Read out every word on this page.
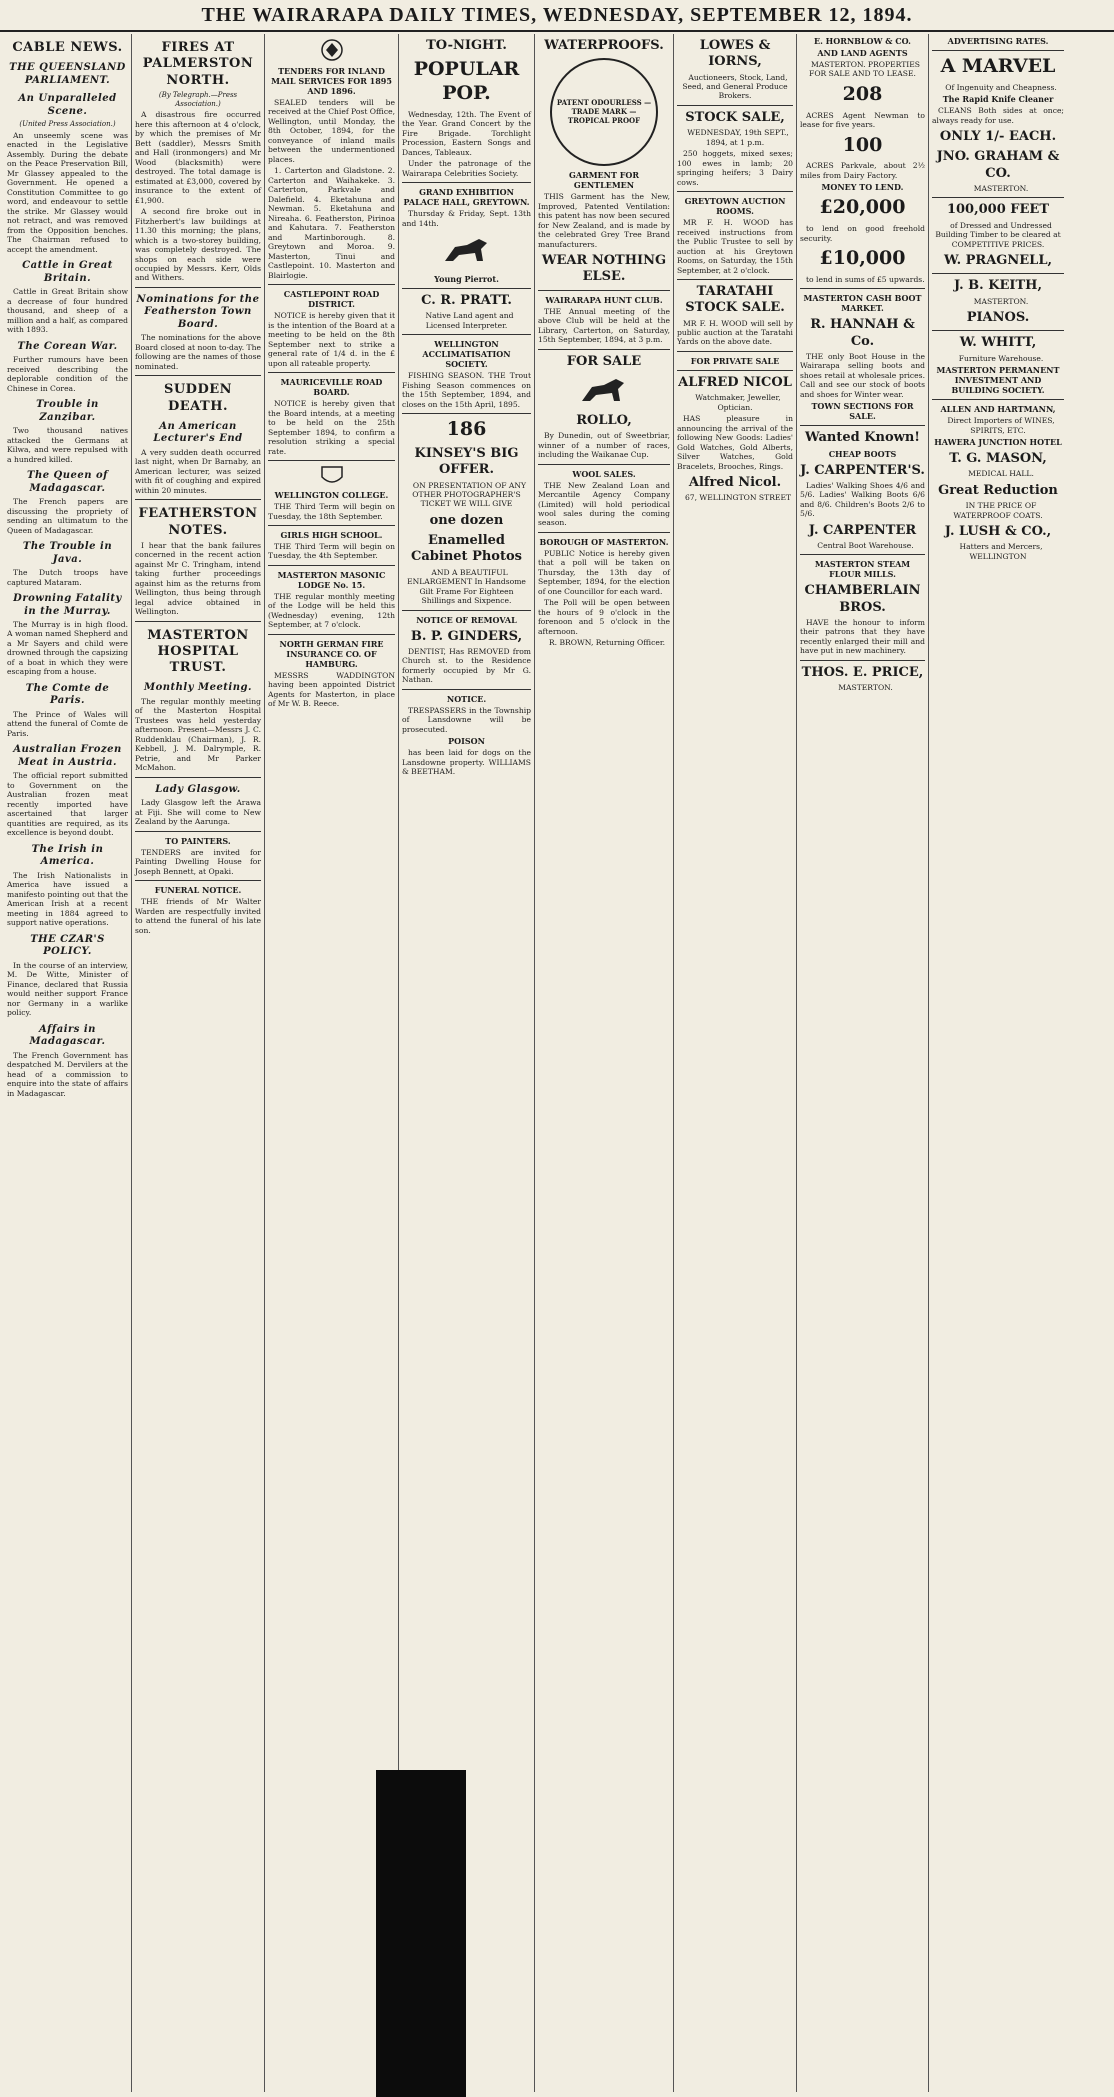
THE WAIRARAPA DAILY TIMES, WEDNESDAY, SEPTEMBER 12, 1894.
CABLE NEWS.
THE QUEENSLAND PARLIAMENT.
An Unparalleled Scene.
(United Press Association.)

An unseemly scene was enacted in the Legislative Assembly. During the debate on the Peace Preservation Bill, Mr Glassey appealed to the Government. He opened a Constitution Committee to go word, and endeavour to settle the strike. Mr Glassey would not retract, and was removed from the Opposition benches. The Chairman refused to accept the amendment.

Cattle in Great Britain.

Cattle in Great Britain show a decrease of four hundred thousand, and sheep of a million and a half, as compared with 1893.

The Corean War.

Further rumours have been received describing the deplorable condition of the Chinese in Corea.

Trouble in Zanzibar.

Two thousand natives attacked the Germans at Kilwa, and were repulsed with a hundred killed.

The Queen of Madagascar.

The French papers are discussing the propriety of sending an ultimatum to the Queen of Madagascar.

The Trouble in Java.

The Dutch troops have captured Mataram.

Drowning Fatality in the Murray.

The Murray is in high flood. A woman named Shepherd and a Mr Sayers and child were drowned through the capsizing of a boat in which they were escaping from a house.

The Comte de Paris.

The Prince of Wales will attend the funeral of Comte de Paris.

Australian Frozen Meat in Austria.

The official report submitted to Government on the Australian frozen meat recently imported have ascertained that larger quantities are required, as its excellence is beyond doubt.

The Irish in America.

The Irish Nationalists in America have issued a manifesto pointing out that the American Irish at a recent meeting in 1884 agreed to support native operations.

THE CZAR'S POLICY.

In the course of an interview, M. De Witte, Minister of Finance, declared that Russia would neither support France nor Germany in a warlike policy.

Affairs in Madagascar.

The French Government has despatched M. Dervilers at the head of a commission to enquire into the state of affairs in Madagascar.

FIRES AT PALMERSTON NORTH.
(By Telegraph.—Press Association.)

A disastrous fire occurred here this afternoon at 4 o'clock, by which the premises of Mr Bett (saddler), Messrs Smith and Hall (ironmongers) and Mr Wood (blacksmith) were destroyed. The total damage is estimated at £3,000, covered by insurance to the extent of £1,900.

A second fire broke out in Fitzherbert's law buildings at 11.30 this morning; the plans, which is a two-storey building, was completely destroyed. The shops on each side were occupied by Messrs. Kerr, Olds and Withers.

Nominations for the Featherston Town Board.

The nominations for the above Board closed at noon to-day. The following are the names of those nominated.

SUDDEN DEATH.
An American Lecturer's End

A very sudden death occurred last night, when Dr Barnaby, an American lecturer, was seized with fit of coughing and expired within 20 minutes.

FEATHERSTON NOTES.

I hear that the bank failures concerned in the recent action against Mr C. Tringham, intend taking further proceedings against him as the returns from Wellington, thus being through legal advice obtained in Wellington.

MASTERTON HOSPITAL TRUST.
Monthly Meeting.

The regular monthly meeting of the Masterton Hospital Trustees was held yesterday afternoon. Present—Messrs J. C. Ruddenklau (Chairman), J. R. Kebbell, J. M. Dalrymple, R. Petrie, and Mr Parker McMahon.

Lady Glasgow.

Lady Glasgow left the Arawa at Fiji. She will come to New Zealand by the Aarunga.

TO PAINTERS.

TENDERS are invited for Painting Dwelling House for Joseph Bennett, at Opaki.

FUNERAL NOTICE.

THE friends of Mr Walter Warden are respectfully invited to attend the funeral of his late son.

TENDERS FOR INLAND MAIL SERVICES FOR 1895 AND 1896.

SEALED tenders will be received at the Chief Post Office, Wellington, until Monday, the 8th October, 1894, for the conveyance of inland mails between the undermentioned places.

1. Carterton and Gladstone. 2. Carterton and Waihakeke. 3. Carterton, Parkvale and Dalefield. 4. Eketahuna and Newman. 5. Eketahuna and Nireaha. 6. Featherston, Pirinoa and Kahutara. 7. Featherston and Martinborough. 8. Greytown and Moroa. 9. Masterton, Tinui and Castlepoint. 10. Masterton and Blairlogie.

CASTLEPOINT ROAD DISTRICT.

NOTICE is hereby given that it is the intention of the Board at a meeting to be held on the 8th September next to strike a general rate of 1/4 d. in the £ upon all rateable property.

MAURICEVILLE ROAD BOARD.

NOTICE is hereby given that the Board intends, at a meeting to be held on the 25th September 1894, to confirm a resolution striking a special rate.

WELLINGTON COLLEGE.

THE Third Term will begin on Tuesday, the 18th September.

GIRLS HIGH SCHOOL.

THE Third Term will begin on Tuesday, the 4th September.

MASTERTON MASONIC LODGE No. 15.

THE regular monthly meeting of the Lodge will be held this (Wednesday) evening, 12th September, at 7 o'clock.

NORTH GERMAN FIRE INSURANCE CO. OF HAMBURG.

MESSRS WADDINGTON having been appointed District Agents for Masterton, in place of Mr W. B. Reece.

TO-NIGHT.
POPULAR POP.

Wednesday, 12th. The Event of the Year. Grand Concert by the Fire Brigade. Torchlight Procession, Eastern Songs and Dances, Tableaux.

Under the patronage of the Wairarapa Celebrities Society.

GRAND EXHIBITION PALACE HALL, GREYTOWN.

Thursday & Friday, Sept. 13th and 14th.

Young Pierrot.
C. R. PRATT.

Native Land agent and Licensed Interpreter.

WELLINGTON ACCLIMATISATION SOCIETY.

FISHING SEASON. THE Trout Fishing Season commences on the 15th September, 1894, and closes on the 15th April, 1895.

186
KINSEY'S BIG OFFER.

ON PRESENTATION OF ANY OTHER PHOTOGRAPHER'S TICKET WE WILL GIVE

one dozen
Enamelled Cabinet Photos

AND A BEAUTIFUL ENLARGEMENT In Handsome Gilt Frame For Eighteen Shillings and Sixpence.

NOTICE OF REMOVAL
B. P. GINDERS,

DENTIST, Has REMOVED from Church st. to the Residence formerly occupied by Mr G. Nathan.

NOTICE.

TRESPASSERS in the Township of Lansdowne will be prosecuted.

POISON

has been laid for dogs on the Lansdowne property. WILLIAMS & BEETHAM.

WATERPROOFS.
PATENT ODOURLESS — TRADE MARK — TROPICAL PROOF
GARMENT FOR GENTLEMEN

THIS Garment has the New, Improved, Patented Ventilation: this patent has now been secured for New Zealand, and is made by the celebrated Grey Tree Brand manufacturers.

WEAR NOTHING ELSE.
WAIRARAPA HUNT CLUB.

THE Annual meeting of the above Club will be held at the Library, Carterton, on Saturday, 15th September, 1894, at 3 p.m.

FOR SALE
ROLLO,

By Dunedin, out of Sweetbriar, winner of a number of races, including the Waikanae Cup.

WOOL SALES.

THE New Zealand Loan and Mercantile Agency Company (Limited) will hold periodical wool sales during the coming season.

BOROUGH OF MASTERTON.

PUBLIC Notice is hereby given that a poll will be taken on Thursday, the 13th day of September, 1894, for the election of one Councillor for each ward.

The Poll will be open between the hours of 9 o'clock in the forenoon and 5 o'clock in the afternoon.

R. BROWN, Returning Officer.

LOWES & IORNS,

Auctioneers, Stock, Land, Seed, and General Produce Brokers.

STOCK SALE,

WEDNESDAY, 19th SEPT., 1894, at 1 p.m.

250 hoggets, mixed sexes; 100 ewes in lamb; 20 springing heifers; 3 Dairy cows.

GREYTOWN AUCTION ROOMS.

MR F. H. WOOD has received instructions from the Public Trustee to sell by auction at his Greytown Rooms, on Saturday, the 15th September, at 2 o'clock.

TARATAHI STOCK SALE.

MR F. H. WOOD will sell by public auction at the Taratahi Yards on the above date.

FOR PRIVATE SALE
ALFRED NICOL

Watchmaker, Jeweller, Optician.

HAS pleasure in announcing the arrival of the following New Goods: Ladies' Gold Watches, Gold Alberts, Silver Watches, Gold Bracelets, Brooches, Rings.

Alfred Nicol.

67, WELLINGTON STREET

E. HORNBLOW & CO.
AND LAND AGENTS

MASTERTON. PROPERTIES FOR SALE AND TO LEASE.

208

ACRES Agent Newman to lease for five years.

100

ACRES Parkvale, about 2½ miles from Dairy Factory.

MONEY TO LEND.
£20,000

to lend on good freehold security.

£10,000

to lend in sums of £5 upwards.

MASTERTON CASH BOOT MARKET.
R. HANNAH & Co.

THE only Boot House in the Wairarapa selling boots and shoes retail at wholesale prices. Call and see our stock of boots and shoes for Winter wear.

TOWN SECTIONS FOR SALE.
Wanted Known!
CHEAP BOOTS
J. CARPENTER'S.

Ladies' Walking Shoes 4/6 and 5/6. Ladies' Walking Boots 6/6 and 8/6. Children's Boots 2/6 to 5/6.

J. CARPENTER

Central Boot Warehouse.

MASTERTON STEAM FLOUR MILLS.
CHAMBERLAIN BROS.

HAVE the honour to inform their patrons that they have recently enlarged their mill and have put in new machinery.

THOS. E. PRICE,

MASTERTON.

ADVERTISING RATES.
A MARVEL

Of Ingenuity and Cheapness.

The Rapid Knife Cleaner

CLEANS Both sides at once; always ready for use.

ONLY 1/- EACH.
JNO. GRAHAM & CO.

MASTERTON.

100,000 FEET

of Dressed and Undressed Building Timber to be cleared at COMPETITIVE PRICES.

W. PRAGNELL,
J. B. KEITH,

MASTERTON.

PIANOS.
W. WHITT,

Furniture Warehouse.

MASTERTON PERMANENT INVESTMENT AND BUILDING SOCIETY.
ALLEN AND HARTMANN,

Direct Importers of WINES, SPIRITS, ETC.

HAWERA JUNCTION HOTEL
T. G. MASON,

MEDICAL HALL.

Great Reduction

IN THE PRICE OF WATERPROOF COATS.

J. LUSH & CO.,

Hatters and Mercers, WELLINGTON
